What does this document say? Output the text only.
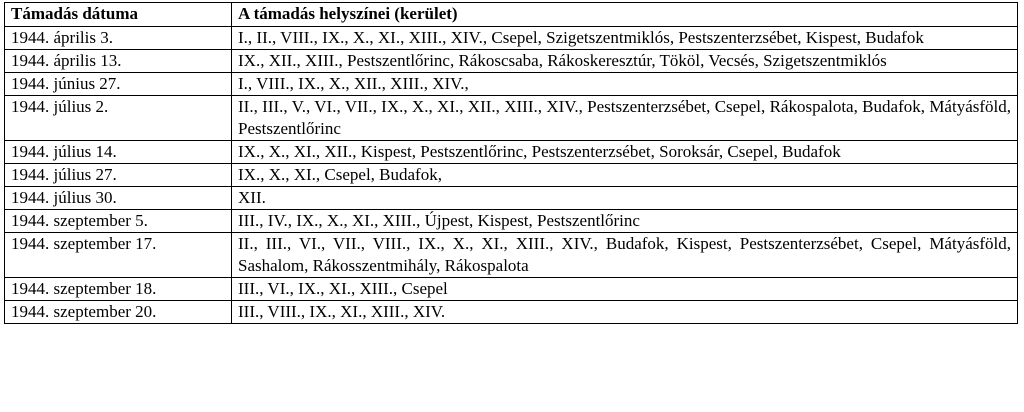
Támadás dátuma	A támadás helyszínei (kerület)
1944. április 3.	I., II., VIII., IX., X., XI., XIII., XIV., Csepel, Szigetszentmiklós, Pestszenterzsébet, Kispest, Budafok
1944. április 13.	IX., XII., XIII., Pestszentlőrinc, Rákoscsaba, Rákoskeresztúr, Tököl, Vecsés, Szigetszentmiklós
1944. június 27.	I., VIII., IX., X., XII., XIII., XIV.,
1944. július 2.	II., III., V., VI., VII., IX., X., XI., XII., XIII., XIV., Pestszenterzsébet, Csepel, Rákospalota, Budafok, Mátyásföld, Pestszentlőrinc
1944. július 14.	IX., X., XI., XII., Kispest, Pestszentlőrinc, Pestszenterzsébet, Soroksár, Csepel, Budafok
1944. július 27.	IX., X., XI., Csepel, Budafok,
1944. július 30.	XII.
1944. szeptember 5.	III., IV., IX., X., XI., XIII., Újpest, Kispest, Pestszentlőrinc
1944. szeptember 17.	II., III., VI., VII., VIII., IX., X., XI., XIII., XIV., Budafok, Kispest, Pestszenterzsébet, Csepel, Mátyásföld, Sashalom, Rákosszentmihály, Rákospalota
1944. szeptember 18.	III., VI., IX., XI., XIII., Csepel
1944. szeptember 20.	III., VIII., IX., XI., XIII., XIV.
